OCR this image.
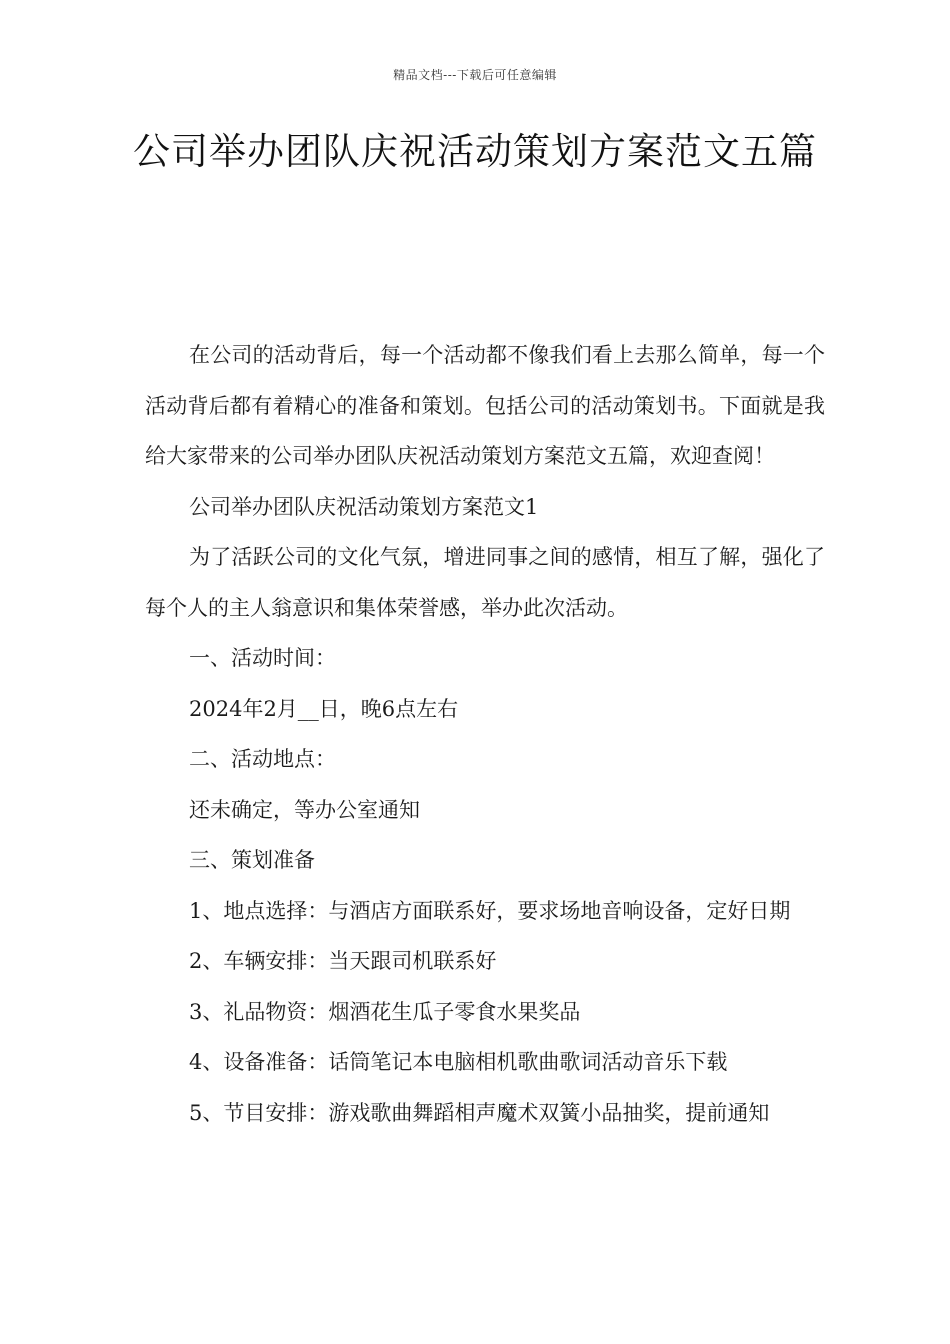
精品文档---下载后可任意编辑
公司举办团队庆祝活动策划方案范文五篇

在公司的活动背后，每一个活动都不像我们看上去那么简单，每一个活动背后都有着精心的准备和策划。包括公司的活动策划书。下面就是我给大家带来的公司举办团队庆祝活动策划方案范文五篇，欢迎查阅！

公司举办团队庆祝活动策划方案范文1

为了活跃公司的文化气氛，增进同事之间的感情，相互了解，强化了每个人的主人翁意识和集体荣誉感，举办此次活动。

一、活动时间：

2024年2月__日，晚6点左右

二、活动地点：

还未确定，等办公室通知

三、策划准备

1、地点选择：与酒店方面联系好，要求场地音响设备，定好日期

2、车辆安排：当天跟司机联系好

3、礼品物资：烟酒花生瓜子零食水果奖品

4、设备准备：话筒笔记本电脑相机歌曲歌词活动音乐下载

5、节目安排：游戏歌曲舞蹈相声魔术双簧小品抽奖，提前通知
